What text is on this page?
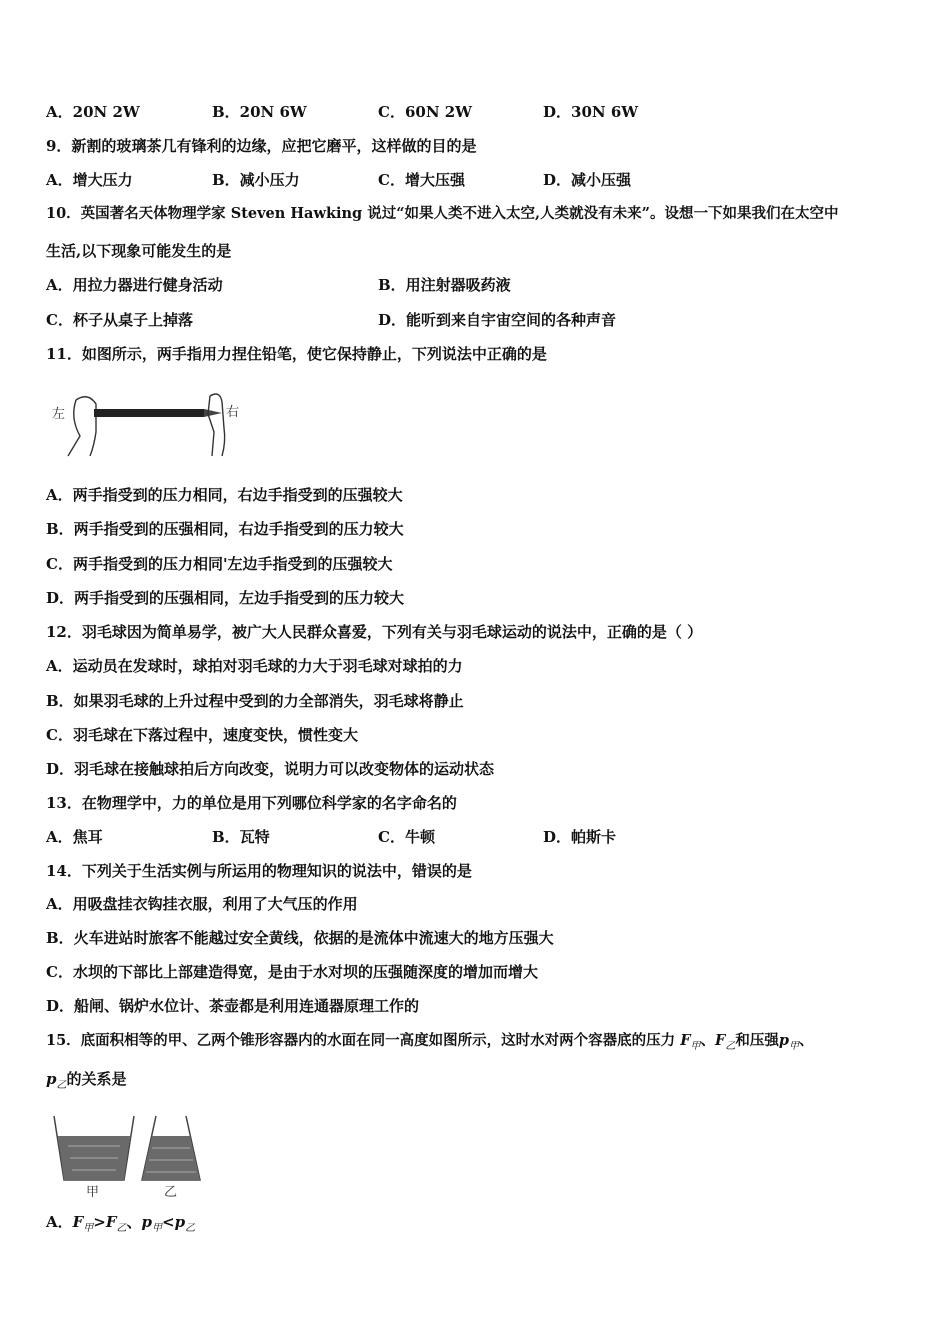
A．20N 2W	B．20N 6W	C．60N 2W	D．30N 6W
9．新割的玻璃茶几有锋利的边缘，应把它磨平，这样做的目的是
A．增大压力	B．减小压力	C．增大压强	D．减小压强
10．英国著名天体物理学家 Steven Hawking 说过“如果人类不进入太空,人类就没有未来”。设想一下如果我们在太空中
生活,以下现象可能发生的是
A．用拉力器进行健身活动	B．用注射器吸药液
C．杯子从桌子上掉落	D．能听到来自宇宙空间的各种声音
11．如图所示，两手指用力捏住铅笔，使它保持静止，下列说法中正确的是
左	右
A．两手指受到的压力相同，右边手指受到的压强较大
B．两手指受到的压强相同，右边手指受到的压力较大
C．两手指受到的压力相同'左边手指受到的压强较大
D．两手指受到的压强相同，左边手指受到的压力较大
12．羽毛球因为简单易学，被广大人民群众喜爱，下列有关与羽毛球运动的说法中，正确的是（ ）
A．运动员在发球时，球拍对羽毛球的力大于羽毛球对球拍的力
B．如果羽毛球的上升过程中受到的力全部消失，羽毛球将静止
C．羽毛球在下落过程中，速度变快，惯性变大
D．羽毛球在接触球拍后方向改变，说明力可以改变物体的运动状态
13．在物理学中，力的单位是用下列哪位科学家的名字命名的
A．焦耳	B．瓦特	C．牛顿	D．帕斯卡
14．下列关于生活实例与所运用的物理知识的说法中，错误的是
A．用吸盘挂衣钩挂衣服，利用了大气压的作用
B．火车进站时旅客不能越过安全黄线，依据的是流体中流速大的地方压强大
C．水坝的下部比上部建造得宽，是由于水对坝的压强随深度的增加而增大
D．船闸、锅炉水位计、茶壶都是利用连通器原理工作的
15．底面积相等的甲、乙两个锥形容器内的水面在同一高度如图所示，这时水对两个容器底的压力 $F_甲$、$F_乙$和压强$p_甲$、
$p_乙$的关系是
甲	乙
A．$F_甲>F_乙$、$p_甲<p_乙$
